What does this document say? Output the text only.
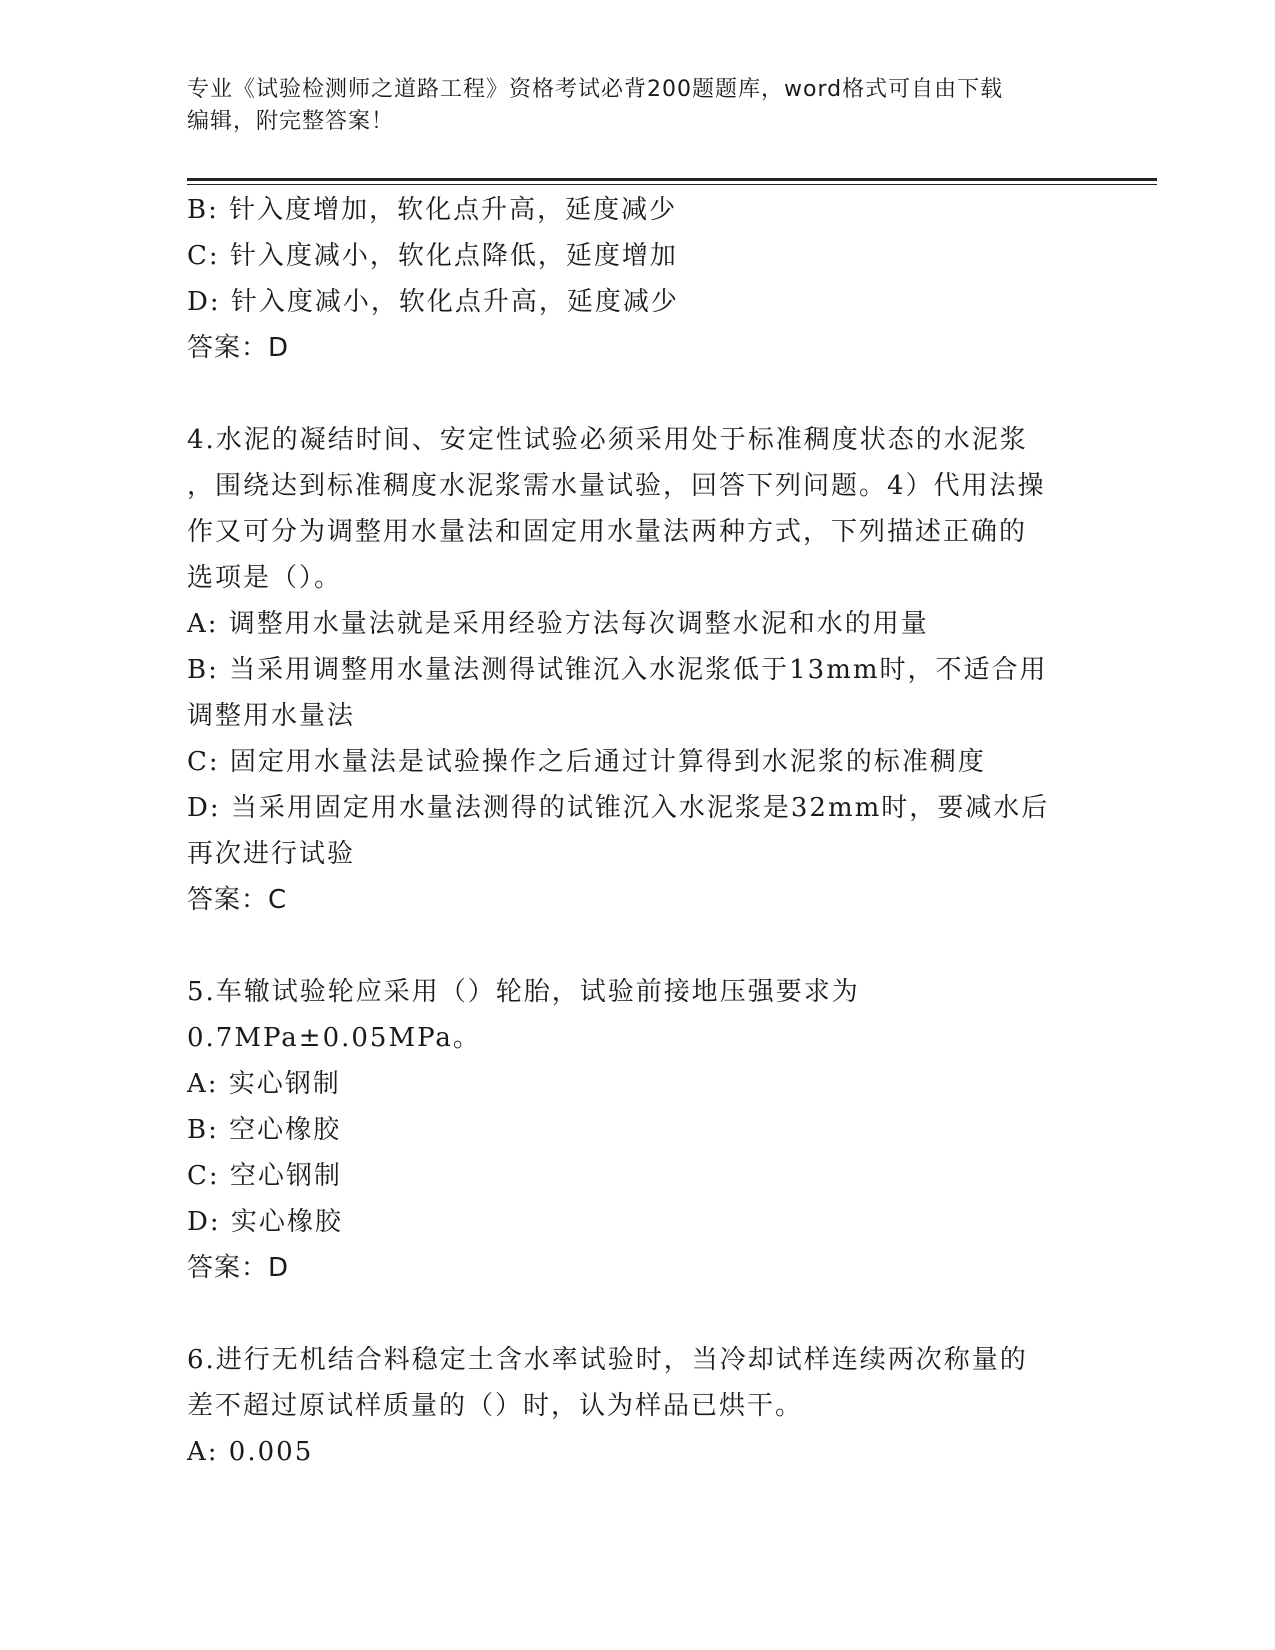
专业《试验检测师之道路工程》资格考试必背200题题库，word格式可自由下载
编辑，附完整答案！

B: 针入度增加，软化点升高，延度减少

C: 针入度减小，软化点降低，延度增加

D: 针入度减小，软化点升高，延度减少

答案：D

4.水泥的凝结时间、安定性试验必须采用处于标准稠度状态的水泥浆

，围绕达到标准稠度水泥浆需水量试验，回答下列问题。4）代用法操

作又可分为调整用水量法和固定用水量法两种方式，下列描述正确的

选项是（）。

A: 调整用水量法就是采用经验方法每次调整水泥和水的用量

B: 当采用调整用水量法测得试锥沉入水泥浆低于13mm时，不适合用

调整用水量法

C: 固定用水量法是试验操作之后通过计算得到水泥浆的标准稠度

D: 当采用固定用水量法测得的试锥沉入水泥浆是32mm时，要减水后

再次进行试验

答案：C

5.车辙试验轮应采用（）轮胎，试验前接地压强要求为

0.7MPa±0.05MPa。

A: 实心钢制

B: 空心橡胶

C: 空心钢制

D: 实心橡胶

答案：D

6.进行无机结合料稳定土含水率试验时，当冷却试样连续两次称量的

差不超过原试样质量的（）时，认为样品已烘干。

A: 0.005
